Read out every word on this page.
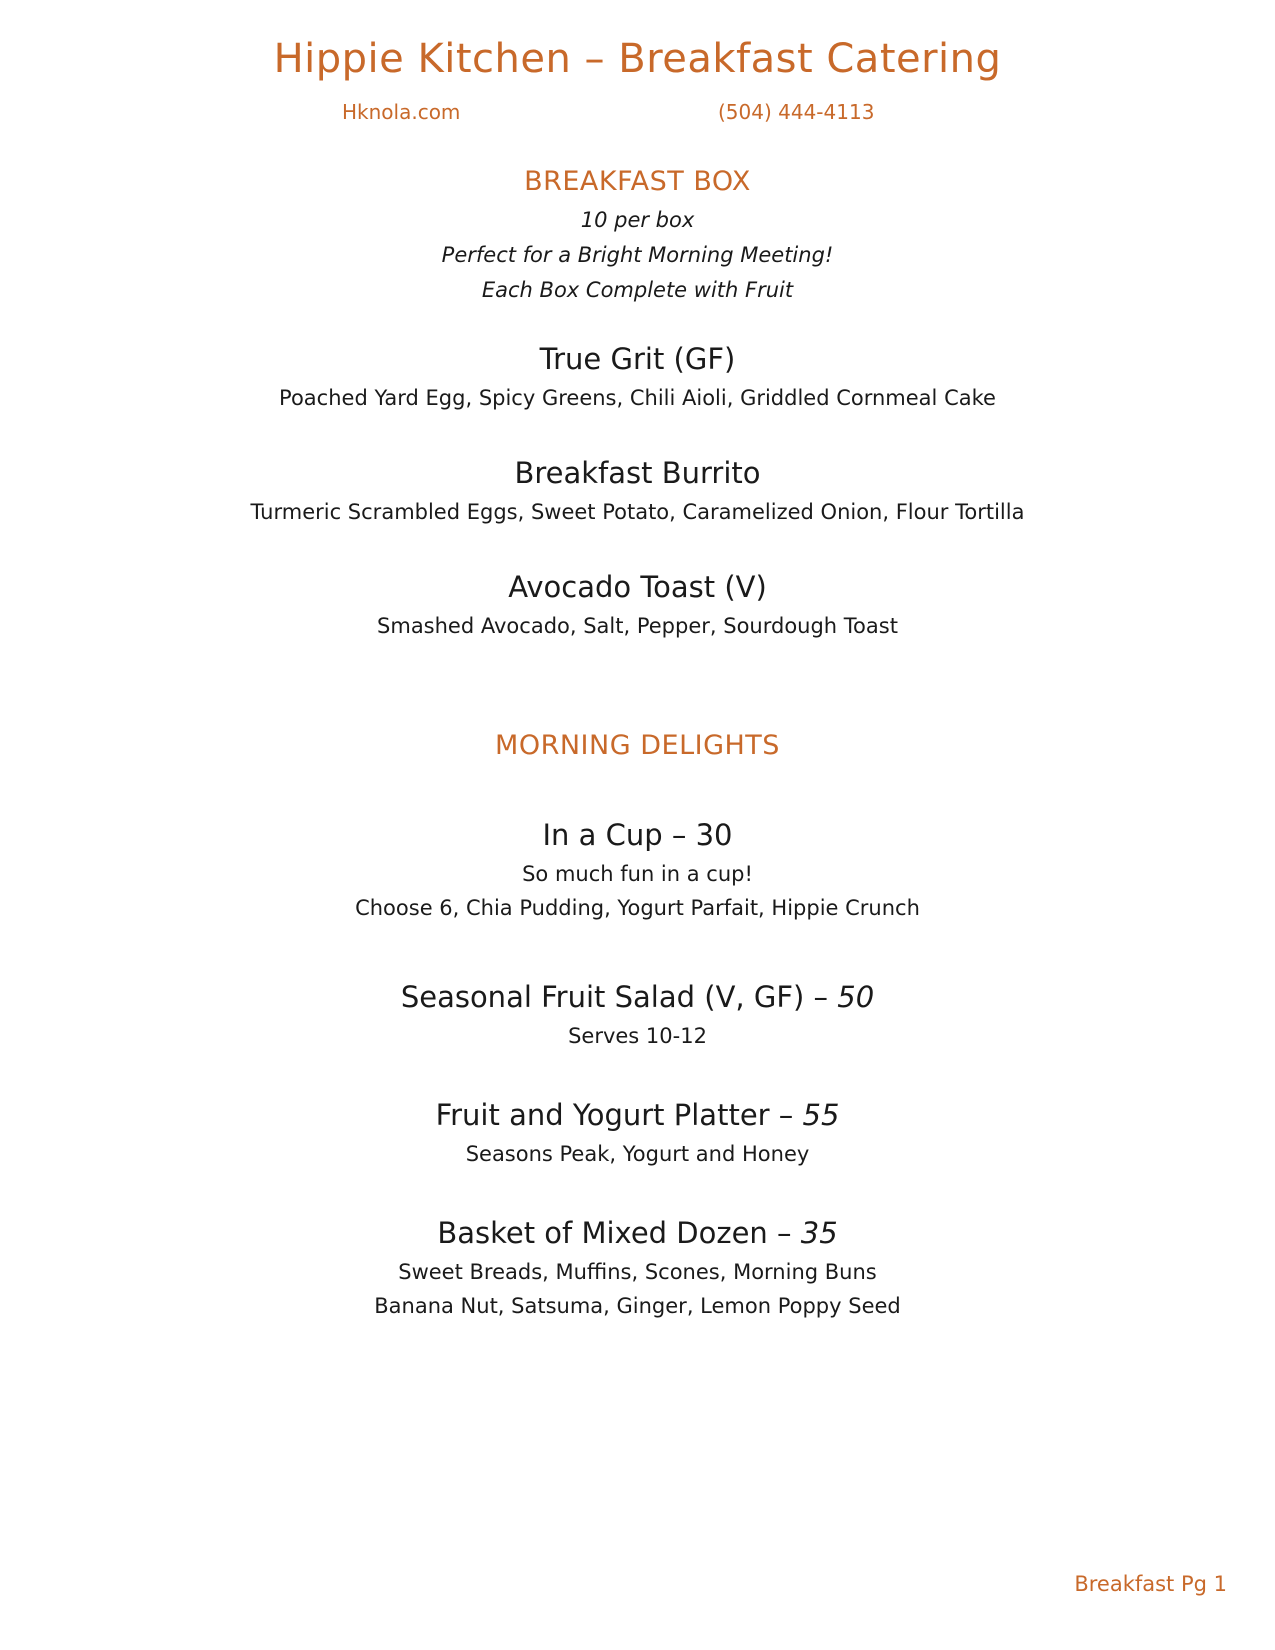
Hippie Kitchen – Breakfast Catering
Hknola.com	(504) 444-4113
BREAKFAST BOX
10 per box
Perfect for a Bright Morning Meeting!
Each Box Complete with Fruit
True Grit (GF)
Poached Yard Egg, Spicy Greens, Chili Aioli, Griddled Cornmeal Cake
Breakfast Burrito
Turmeric Scrambled Eggs, Sweet Potato, Caramelized Onion, Flour Tortilla
Avocado Toast (V)
Smashed Avocado, Salt, Pepper, Sourdough Toast
MORNING DELIGHTS
In a Cup – 30
So much fun in a cup!
Choose 6, Chia Pudding, Yogurt Parfait, Hippie Crunch
Seasonal Fruit Salad (V, GF) – 50
Serves 10-12
Fruit and Yogurt Platter – 55
Seasons Peak, Yogurt and Honey
Basket of Mixed Dozen – 35
Sweet Breads, Muffins, Scones, Morning Buns
Banana Nut, Satsuma, Ginger, Lemon Poppy Seed
Breakfast Pg 1
